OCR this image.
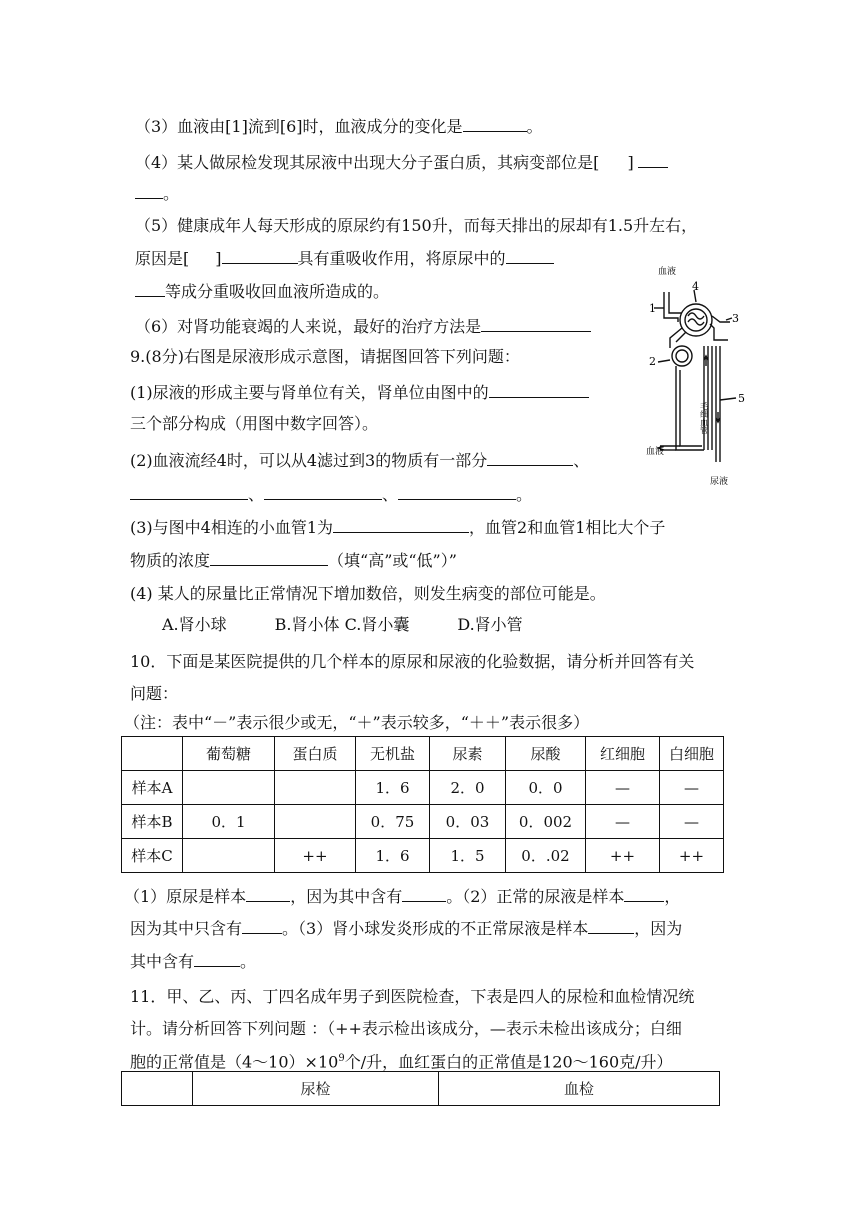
（3）血液由[1]流到[6]时，血液成分的变化是	。
（4）某人做尿检发现其尿液中出现大分子蛋白质，其病变部位是[ ]
。
（5）健康成年人每天形成的原尿约有150升，而每天排出的尿却有1.5升左右，
原因是[ ]	具有重吸收作用，将原尿中的
等成分重吸收回血液所造成的。
（6）对肾功能衰竭的人来说，最好的治疗方法是
9.(8分)右图是尿液形成示意图，请据图回答下列问题：
(1)尿液的形成主要与肾单位有关，肾单位由图中的
三个部分构成（用图中数字回答）。
(2)血液流经4时，可以从4滤过到3的物质有一部分	、
、	、	。
(3)与图中4相连的小血管1为	，血管2和血管1相比大个子
物质的浓度	（填“高”或“低”）”
(4) 某人的尿量比正常情况下增加数倍，则发生病变的部位可能是。
A.肾小球　　　B.肾小体 C.肾小囊　　　D.肾小管
血液
1
4
3
2
5
毛细血管
血液
尿液
10．下面是某医院提供的几个样本的原尿和尿液的化验数据，请分析并回答有关
问题：
（注：表中“－”表示很少或无，“＋”表示较多，“＋＋”表示很多）
	葡萄糖	蛋白质	无机盐	尿素	尿酸	红细胞	白细胞
样本A			1．6	2．0	0．0	—	—
样本B	0．1		0．75	0．03	0．002	—	—
样本C		++	1．6	1．5	0．.02	++	++
（1）原尿是样本	，因为其中含有	。（2）正常的尿液是样本	，
因为其中只含有	。（3）肾小球发炎形成的不正常尿液是样本	，因为
其中含有	。
11．甲、乙、丙、丁四名成年男子到医院检查，下表是四人的尿检和血检情况统
计。请分析回答下列问题 ：（++表示检出该成分，—表示未检出该成分；白细
胞的正常值是$(4\sim 10)\times 10^9$个/升，血红蛋白的正常值是120～160克/升）
	尿检	血检
